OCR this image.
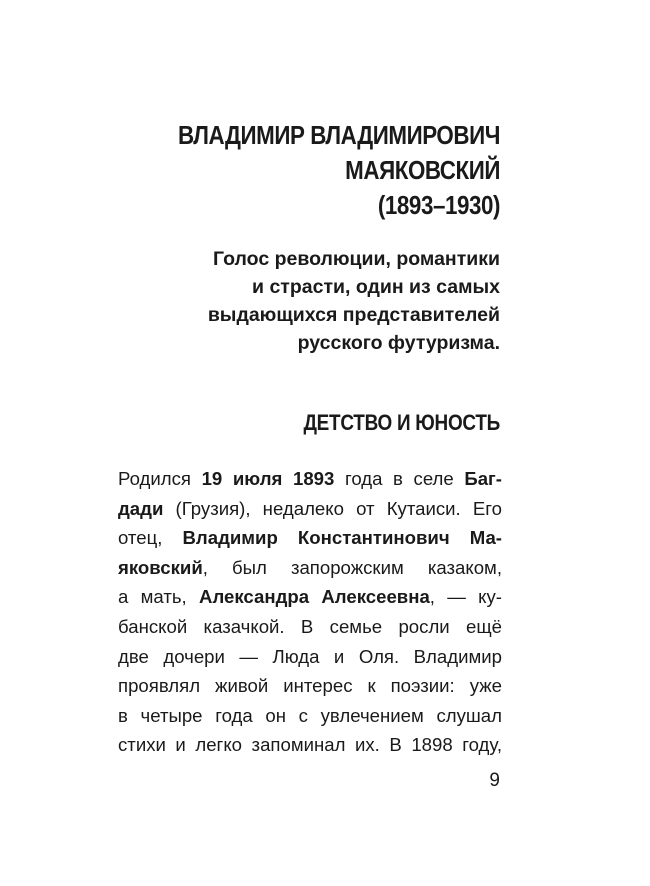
ВЛАДИМИР ВЛАДИМИРОВИЧ
МАЯКОВСКИЙ
(1893–1930)
Голос революции, романтики
и страсти, один из самых
выдающихся представителей
русского футуризма.
ДЕТСТВО И ЮНОСТЬ
Родился 19 июля 1893 года в селе Баг-
дади (Грузия), недалеко от Кутаиси. Его
отец, Владимир Константинович Ма-
яковский, был запорожским казаком,
а мать, Александра Алексеевна, — ку-
банской казачкой. В семье росли ещё
две дочери — Люда и Оля. Владимир
проявлял живой интерес к поэзии: уже
в четыре года он с увлечением слушал
стихи и легко запоминал их. В 1898 году,
9
